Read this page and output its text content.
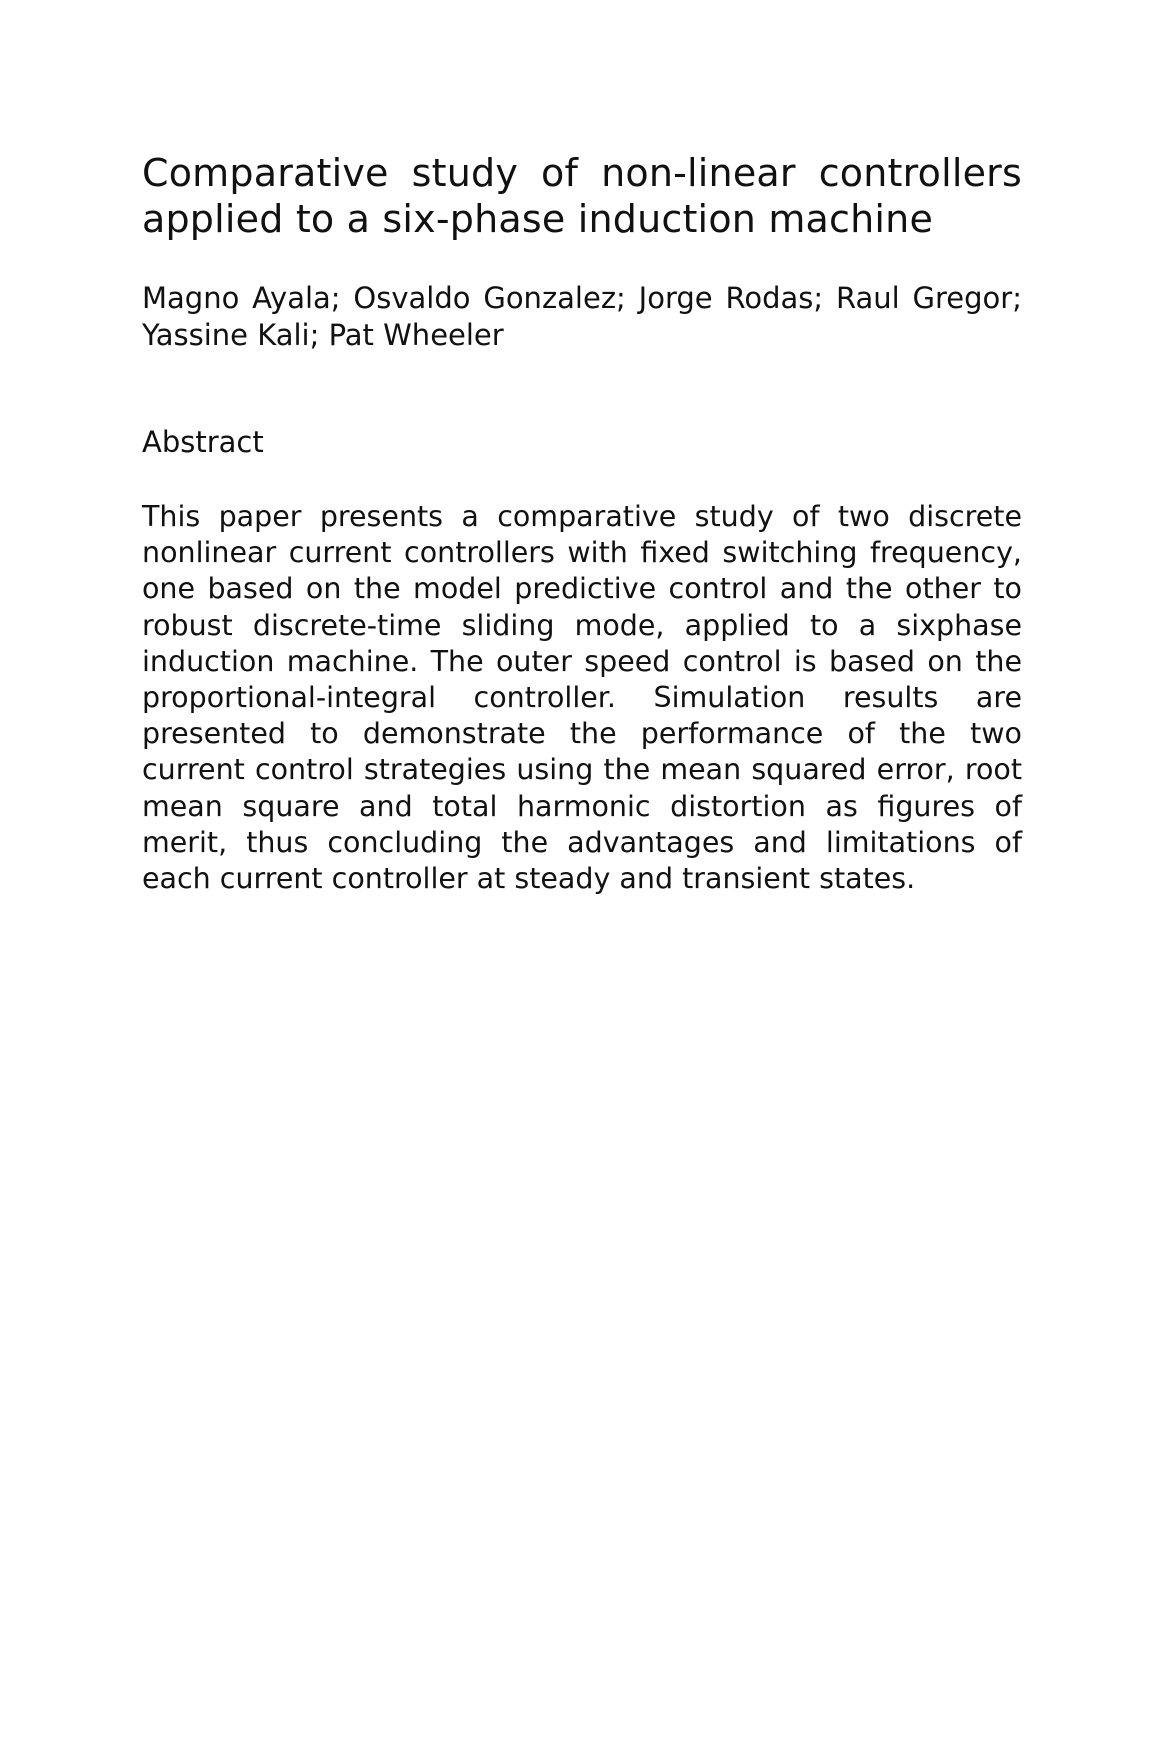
Comparative study of non-linear controllers applied to a six-phase induction machine

Magno Ayala; Osvaldo Gonzalez; Jorge Rodas; Raul Gregor; Yassine Kali; Pat Wheeler

Abstract

This paper presents a comparative study of two discrete nonlinear current controllers with fixed switching frequency, one based on the model predictive control and the other to robust discrete-time sliding mode, applied to a sixphase induction machine. The outer speed control is based on the proportional-integral controller. Simulation results are presented to demonstrate the performance of the two current control strategies using the mean squared error, root mean square and total harmonic distortion as figures of merit, thus concluding the advantages and limitations of each current controller at steady and transient states.
